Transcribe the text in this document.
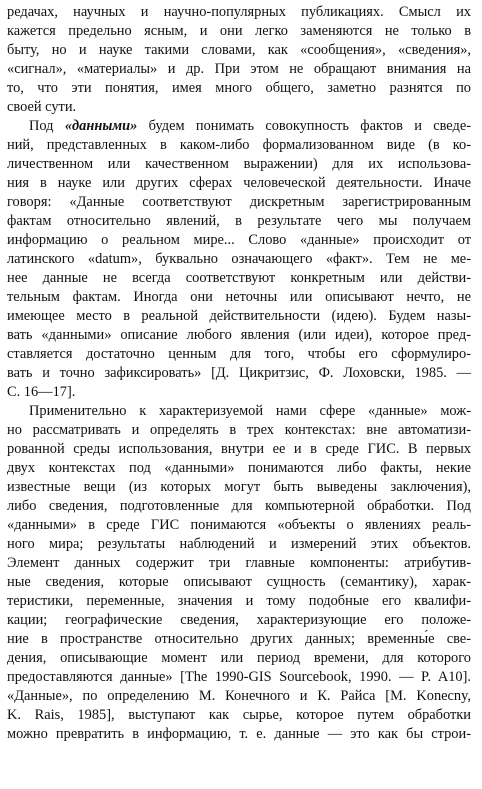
редачах, научных и научно-популярных публикациях. Смысл их
кажется предельно ясным, и они легко заменяются не только в
быту, но и науке такими словами, как «сообщения», «сведения»,
«сигнал», «материалы» и др. При этом не обращают внимания на
то, что эти понятия, имея много общего, заметно разнятся по
своей сути.
Под «данными» будем понимать совокупность фактов и сведе-
ний, представленных в каком-либо формализованном виде (в ко-
личественном или качественном выражении) для их использова-
ния в науке или других сферах человеческой деятельности. Иначе
говоря: «Данные соответствуют дискретным зарегистрированным
фактам относительно явлений, в результате чего мы получаем
информацию о реальном мире... Слово «данные» происходит от
латинского «datum», буквально означающего «факт». Тем не ме-
нее данные не всегда соответствуют конкретным или действи-
тельным фактам. Иногда они неточны или описывают нечто, не
имеющее место в реальной действительности (идею). Будем назы-
вать «данными» описание любого явления (или идеи), которое пред-
ставляется достаточно ценным для того, чтобы его сформулиро-
вать и точно зафиксировать» [Д. Цикритзис, Ф. Лоховски, 1985. —
С. 16—17].
Применительно к характеризуемой нами сфере «данные» мож-
но рассматривать и определять в трех контекстах: вне автоматизи-
рованной среды использования, внутри ее и в среде ГИС. В первых
двух контекстах под «данными» понимаются либо факты, некие
известные вещи (из которых могут быть выведены заключения),
либо сведения, подготовленные для компьютерной обработки. Под
«данными» в среде ГИС понимаются «объекты о явлениях реаль-
ного мира; результаты наблюдений и измерений этих объектов.
Элемент данных содержит три главные компоненты: атрибутив-
ные сведения, которые описывают сущность (семантику), харак-
теристики, переменные, значения и тому подобные его квалифи-
кации; географические сведения, характеризующие его положе-
ние в пространстве относительно других данных; временны́е све-
дения, описывающие момент или период времени, для которого
предоставляются данные» [The 1990-GIS Sourcebook, 1990. — P. A10].
«Данные», по определению М. Конечного и К. Райса [M. Konecny,
K. Rais, 1985], выступают как сырье, которое путем обработки
можно превратить в информацию, т. е. данные — это как бы строи-
